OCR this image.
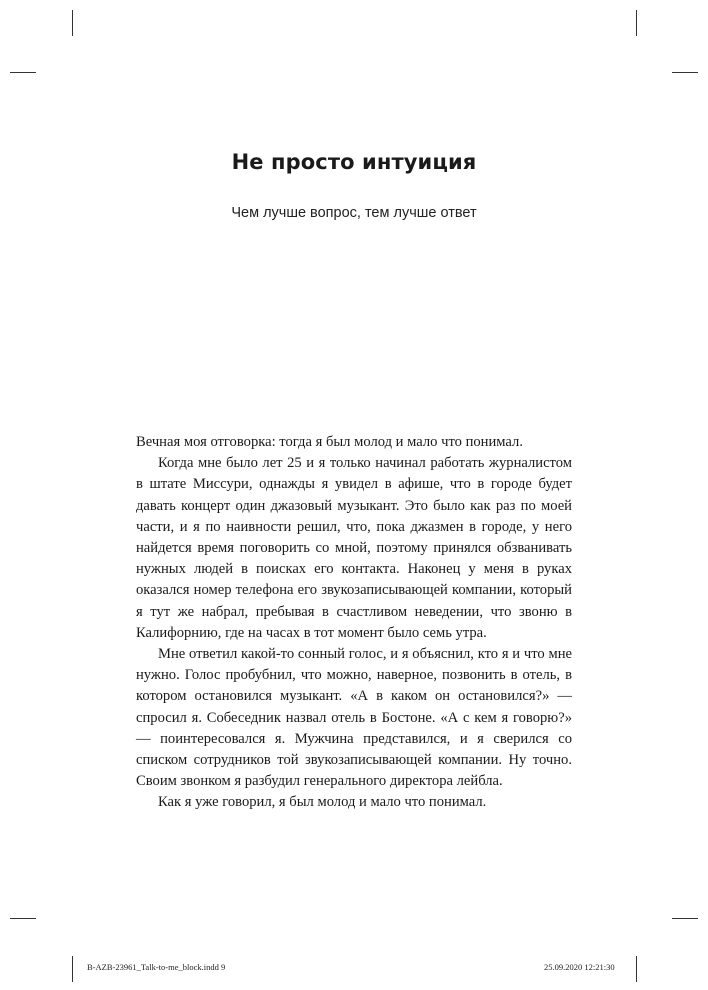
Не просто интуиция
Чем лучше вопрос, тем лучше ответ

Вечная моя отговорка: тогда я был молод и мало что понимал.

Когда мне было лет 25 и я только начинал работать журналистом в штате Миссури, однажды я увидел в афише, что в городе будет давать концерт один джазовый музыкант. Это было как раз по моей части, и я по наивности решил, что, пока джазмен в городе, у него найдется время поговорить со мной, поэтому принялся обзванивать нужных людей в поисках его контакта. Наконец у меня в руках оказался номер телефона его звукозаписывающей компании, который я тут же набрал, пребывая в счастливом неведении, что звоню в Калифорнию, где на часах в тот момент было семь утра.

Мне ответил какой-то сонный голос, и я объяснил, кто я и что мне нужно. Голос пробубнил, что можно, наверное, позвонить в отель, в котором остановился музыкант. «А в каком он остановился?» — спросил я. Собеседник назвал отель в Бостоне. «А с кем я говорю?» — поинтересовался я. Мужчина представился, и я сверился со списком сотрудников той звукозаписывающей компании. Ну точно. Своим звонком я разбудил генерального директора лейбла.

Как я уже говорил, я был молод и мало что понимал.

B-AZB-23961_Talk-to-me_block.indd 9	25.09.2020 12:21:30
